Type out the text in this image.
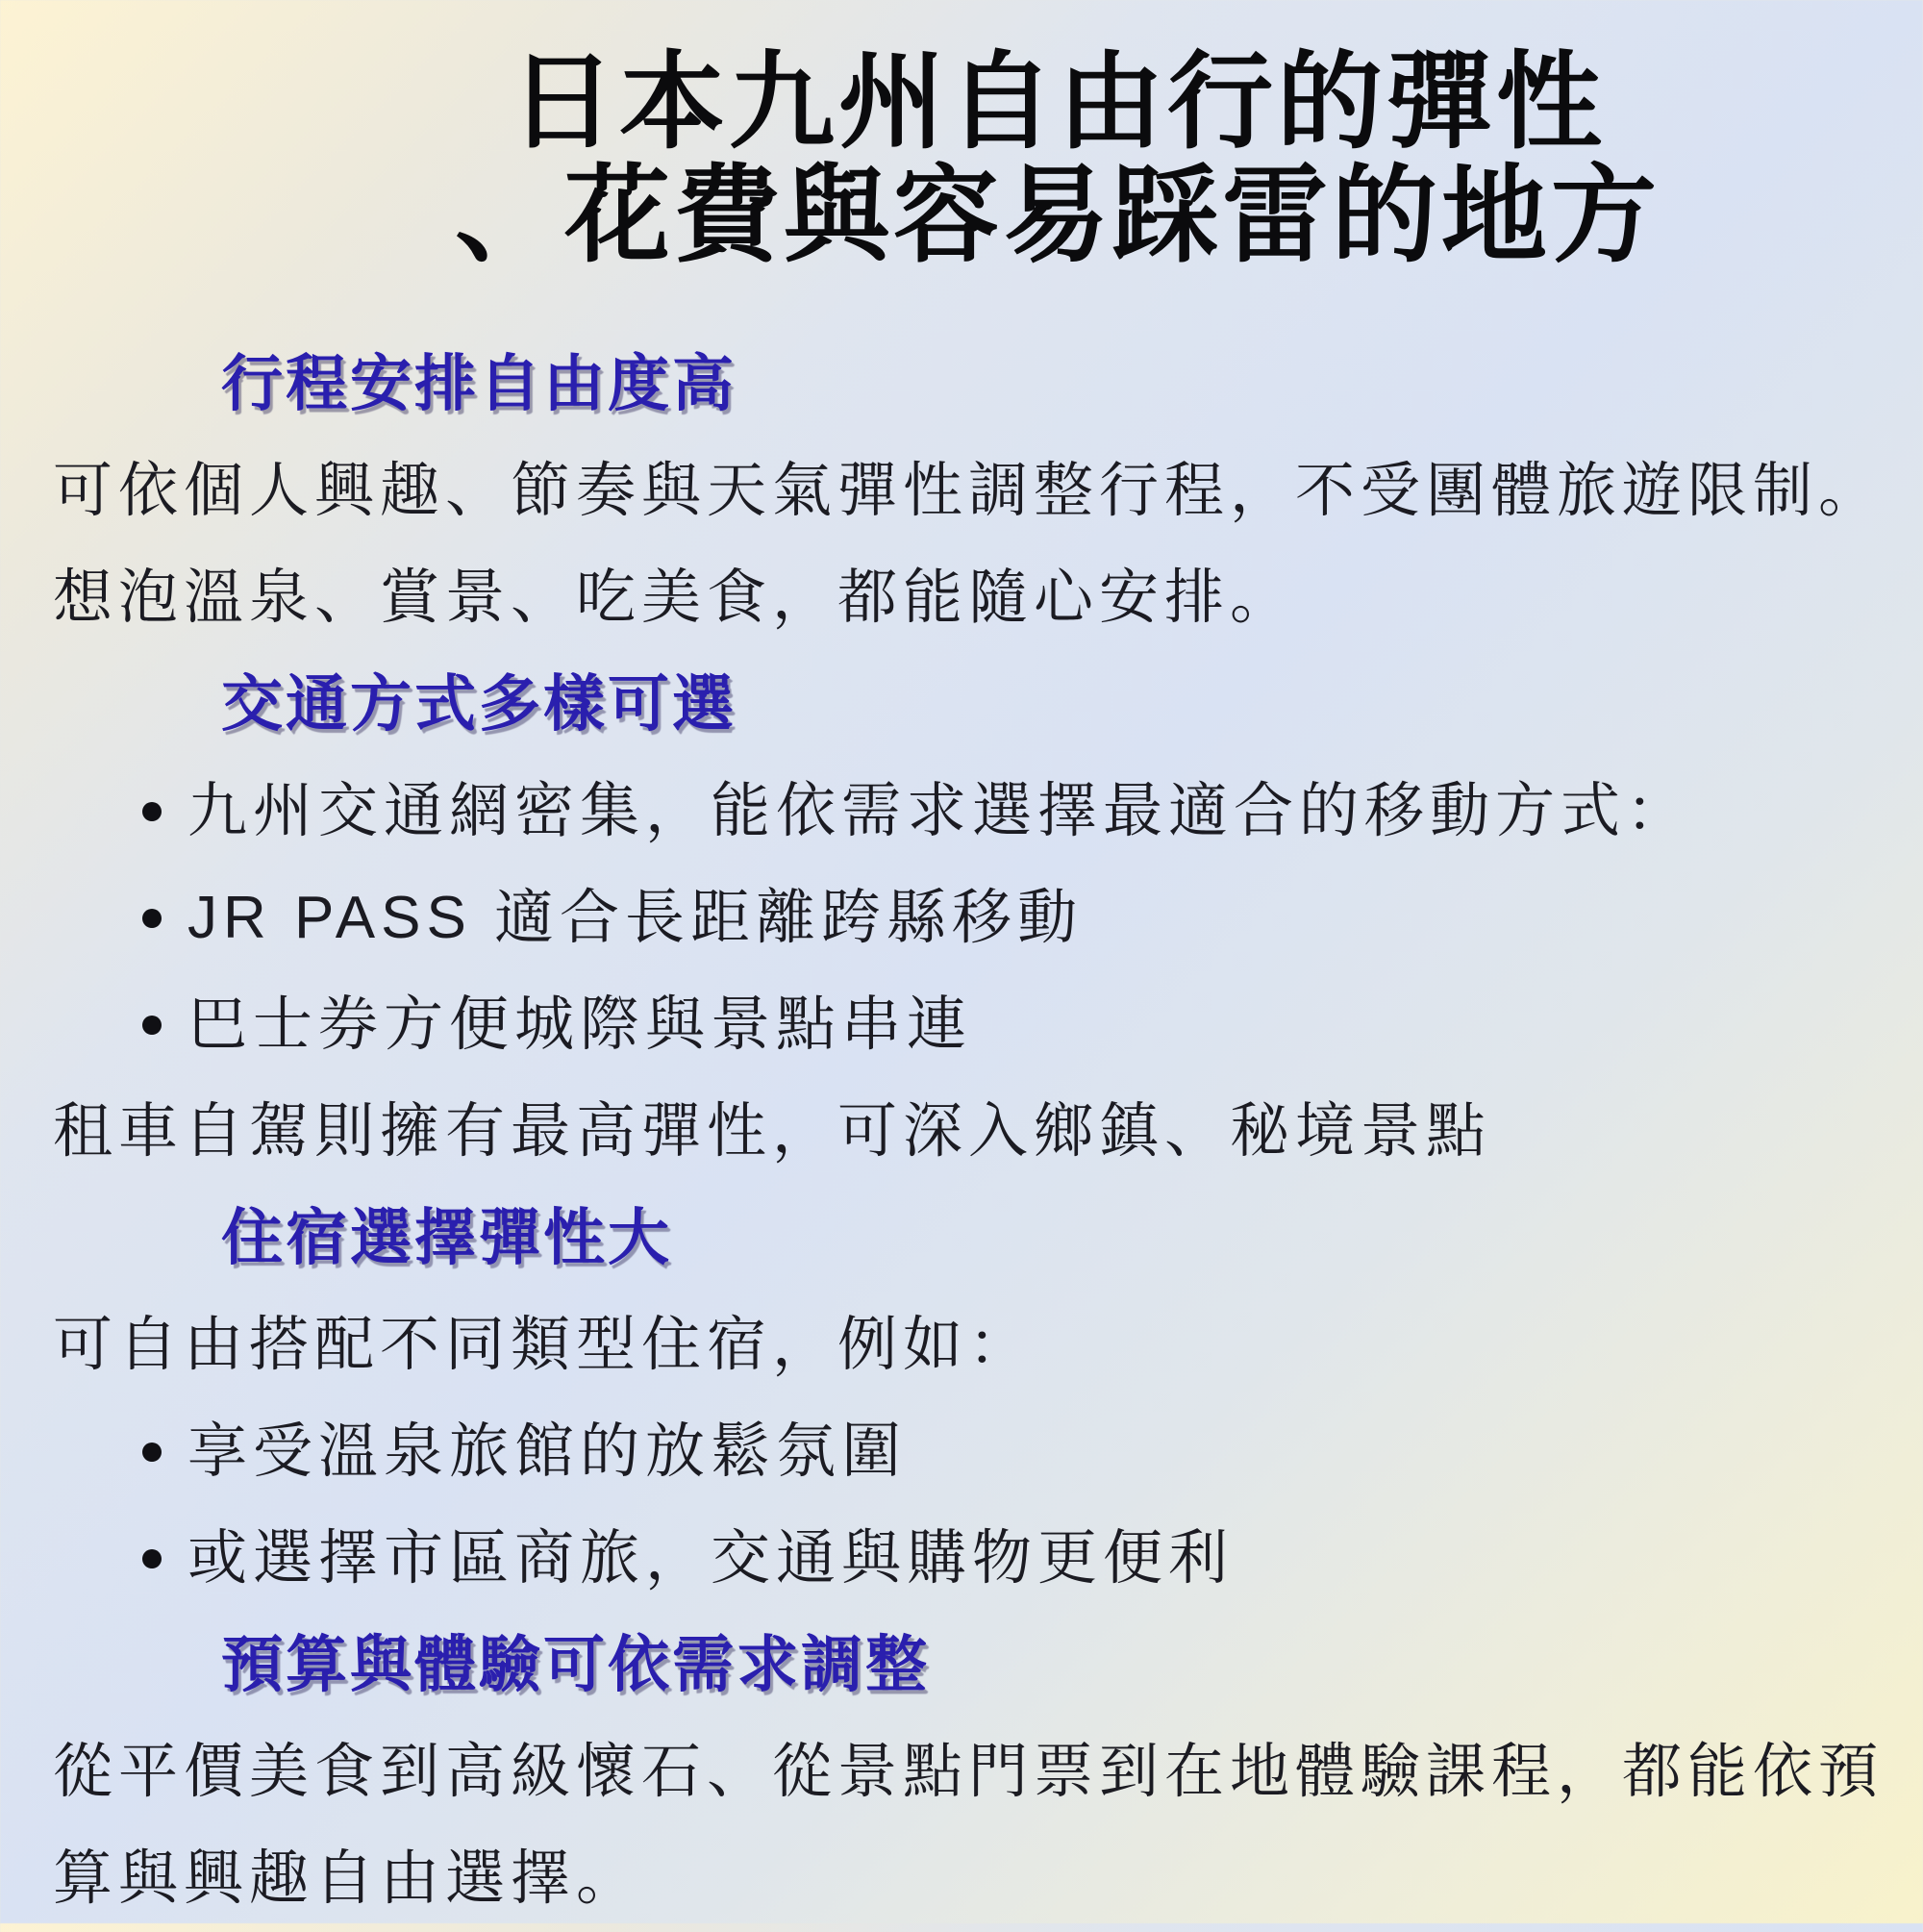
日本九州自由行的彈性
、花費與容易踩雷的地方
行程安排自由度高

可依個人興趣、節奏與天氣彈性調整行程，不受團體旅遊限制。

想泡溫泉、賞景、吃美食，都能隨心安排。

交通方式多樣可選
九州交通網密集，能依需求選擇最適合的移動方式：
JR PASS 適合長距離跨縣移動
巴士券方便城際與景點串連

租車自駕則擁有最高彈性，可深入鄉鎮、秘境景點

住宿選擇彈性大

可自由搭配不同類型住宿，例如：

享受溫泉旅館的放鬆氛圍
或選擇市區商旅，交通與購物更便利
預算與體驗可依需求調整

從平價美食到高級懷石、從景點門票到在地體驗課程，都能依預算與興趣自由選擇。
